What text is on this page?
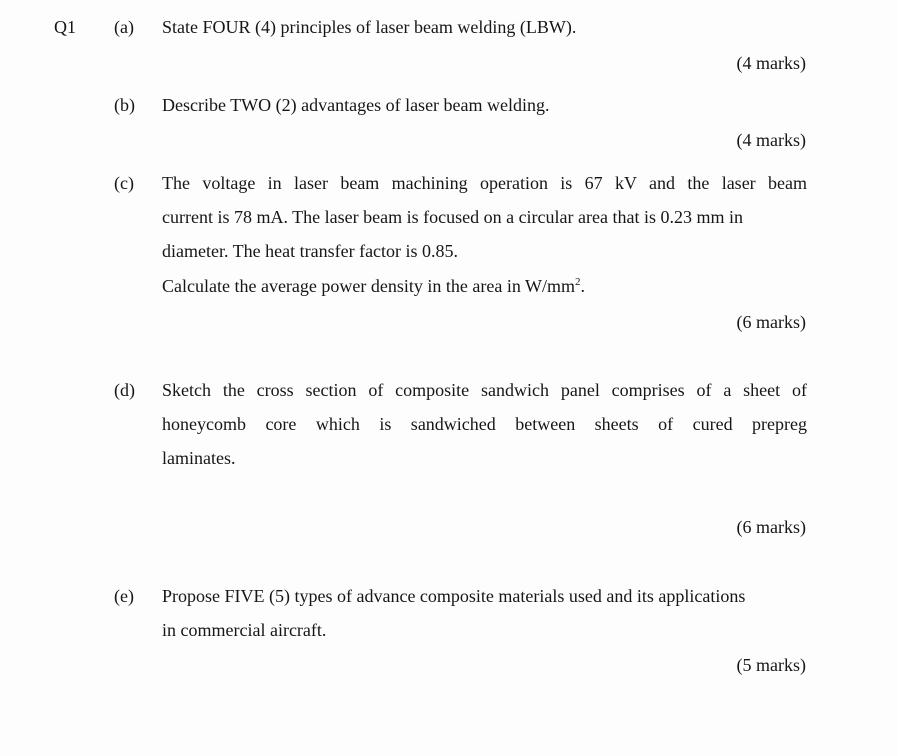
Q1 (a) State FOUR (4) principles of laser beam welding (LBW).
(4 marks)
(b) Describe TWO (2) advantages of laser beam welding.
(4 marks)
(c) The voltage in laser beam machining operation is 67 kV and the laser beam
current is 78 mA. The laser beam is focused on a circular area that is 0.23 mm in
diameter. The heat transfer factor is 0.85.
Calculate the average power density in the area in $W/mm^2$.
(6 marks)
(d) Sketch the cross section of composite sandwich panel comprises of a sheet of
honeycomb core which is sandwiched between sheets of cured prepreg
laminates.
(6 marks)
(e) Propose FIVE (5) types of advance composite materials used and its applications
in commercial aircraft.
(5 marks)
